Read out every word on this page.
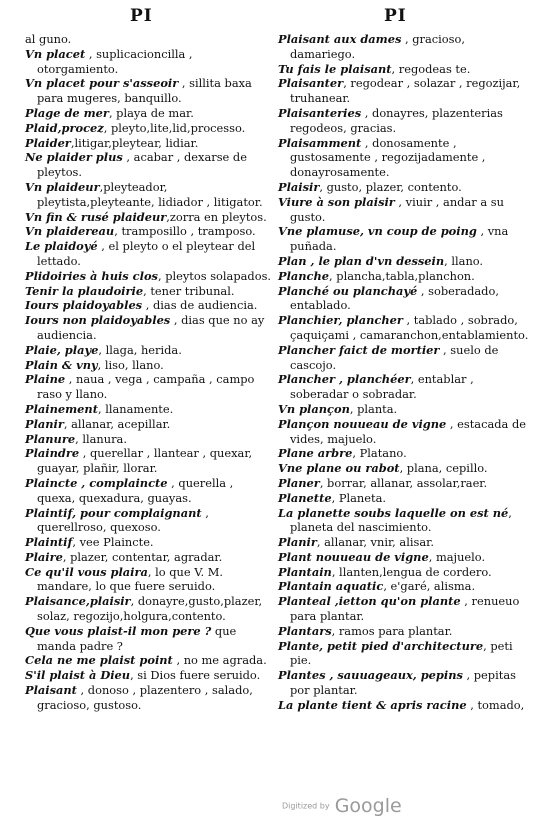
PI	PI

al guno.

Vn placet , suplicacioncilla , otorgamiento.

Vn placet pour s'asseoir , sillita baxa para mugeres, banquillo.

Plage de mer, playa de mar.

Plaid,procez, pleyto,lite,lid,processo.

Plaider,litigar,pleytear, lidiar.

Ne plaider plus , acabar , dexarse de pleytos.

Vn plaideur,pleyteador, pleytista,pleyteante, lidiador , litigator.

Vn fin & rusé plaideur,zorra en pleytos.

Vn plaidereau, tramposillo , tramposo.

Le plaidoyé , el pleyto o el pleytear del lettado.

Plidoiries à huis clos, pleytos solapados.

Tenir la plaudoirie, tener tribunal.

Iours plaidoyables , dias de audiencia.

Iours non plaidoyables , dias que no ay audiencia.

Plaie, playe, llaga, herida.

Plain & vny, liso, llano.

Plaine , naua , vega , campaña , campo raso y llano.

Plainement, llanamente.

Planir, allanar, acepillar.

Planure, llanura.

Plaindre , querellar , llantear , quexar, guayar, plañir, llorar.

Plaincte , complaincte , querella , quexa, quexadura, guayas.

Plaintif, pour complaignant , querellroso, quexoso.

Plaintif, vee Plaincte.

Plaire, plazer, contentar, agradar.

Ce qu'il vous plaira, lo que V. M. mandare, lo que fuere seruido.

Plaisance,plaisir, donayre,gusto,plazer, solaz, regozijo,holgura,contento.

Que vous plaist-il mon pere ? que manda padre ?

Cela ne me plaist point , no me agrada.

S'il plaist à Dieu, si Dios fuere seruido.

Plaisant , donoso , plazentero , salado, gracioso, gustoso.

Plaisant aux dames , gracioso, damariego.

Tu fais le plaisant, regodeas te.

Plaisanter, regodear , solazar , regozijar, truhanear.

Plaisanteries , donayres, plazenterias regodeos, gracias.

Plaisamment , donosamente , gustosamente , regozijadamente , donayrosamente.

Plaisir, gusto, plazer, contento.

Viure à son plaisir , viuir , andar a su gusto.

Vne plamuse, vn coup de poing , vna puñada.

Plan , le plan d'vn dessein, llano.

Planche, plancha,tabla,planchon.

Planché ou planchayé , soberadado, entablado.

Planchier, plancher , tablado , sobrado, çaquiçami , camaranchon,entablamiento.

Plancher faict de mortier , suelo de cascojo.

Plancher , planchéer, entablar , soberadar o sobradar.

Vn plançon, planta.

Plançon nouueau de vigne , estacada de vides, majuelo.

Plane arbre, Platano.

Vne plane ou rabot, plana, cepillo.

Planer, borrar, allanar, assolar,raer.

Planette, Planeta.

La planette soubs laquelle on est né, planeta del nascimiento.

Planir, allanar, vnir, alisar.

Plant nouueau de vigne, majuelo.

Plantain, llanten,lengua de cordero.

Plantain aquatic, e'garé, alisma.

Planteal ,ietton qu'on plante , renueuo para plantar.

Plantars, ramos para plantar.

Plante, petit pied d'architecture, peti pie.

Plantes , sauuageaux, pepins , pepitas por plantar.

La plante tient & apris racine , tomado,

Digitized by Google
